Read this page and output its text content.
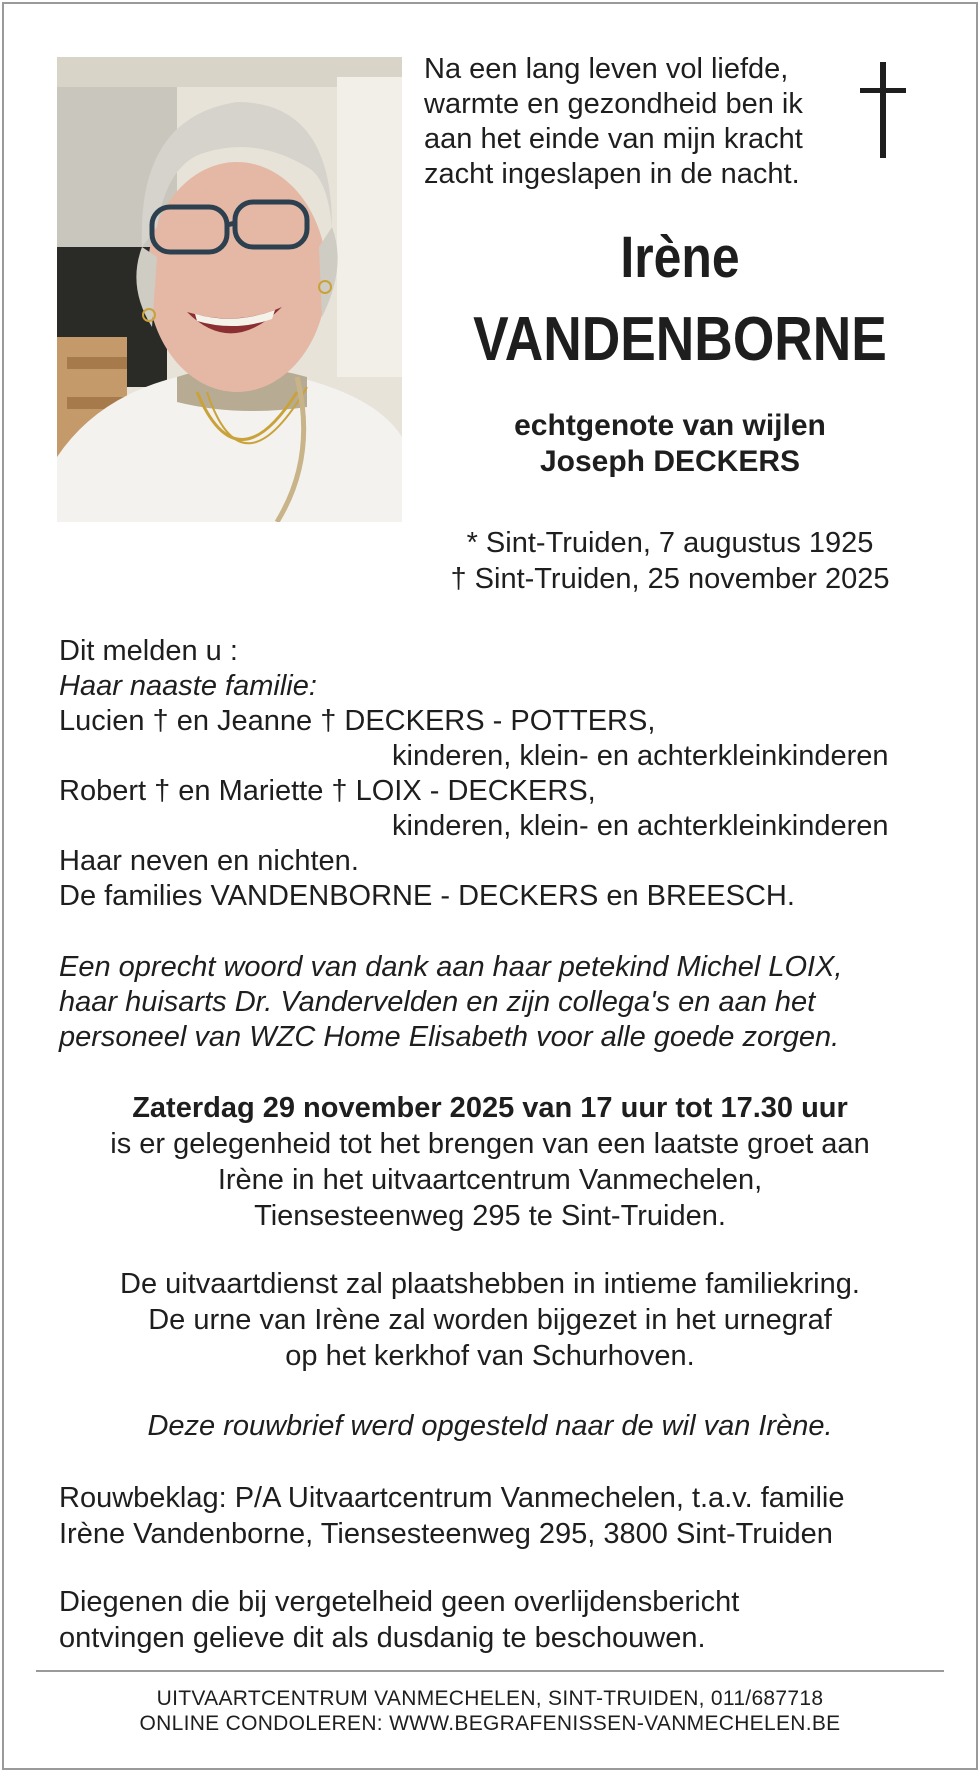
Na een lang leven vol liefde,
warmte en gezondheid ben ik
aan het einde van mijn kracht
zacht ingeslapen in de nacht.
Irène
VANDENBORNE
echtgenote van wijlen
Joseph DECKERS
* Sint-Truiden, 7 augustus 1925
† Sint-Truiden, 25 november 2025
Dit melden u :
Haar naaste familie:
Lucien † en Jeanne † DECKERS - POTTERS,
kinderen, klein- en achterkleinkinderen
Robert † en Mariette † LOIX - DECKERS,
kinderen, klein- en achterkleinkinderen
Haar neven en nichten.
De families VANDENBORNE - DECKERS en BREESCH.
Een oprecht woord van dank aan haar petekind Michel LOIX,
haar huisarts Dr. Vandervelden en zijn collega's en aan het
personeel van WZC Home Elisabeth voor alle goede zorgen.
Zaterdag 29 november 2025 van 17 uur tot 17.30 uur
is er gelegenheid tot het brengen van een laatste groet aan
Irène in het uitvaartcentrum Vanmechelen,
Tiensesteenweg 295 te Sint-Truiden.
De uitvaartdienst zal plaatshebben in intieme familiekring.
De urne van Irène zal worden bijgezet in het urnegraf
op het kerkhof van Schurhoven.
Deze rouwbrief werd opgesteld naar de wil van Irène.
Rouwbeklag: P/A Uitvaartcentrum Vanmechelen, t.a.v. familie
Irène Vandenborne, Tiensesteenweg 295, 3800 Sint-Truiden
Diegenen die bij vergetelheid geen overlijdensbericht
ontvingen gelieve dit als dusdanig te beschouwen.
UITVAARTCENTRUM VANMECHELEN, SINT-TRUIDEN, 011/687718
ONLINE CONDOLEREN: WWW.BEGRAFENISSEN-VANMECHELEN.BE
